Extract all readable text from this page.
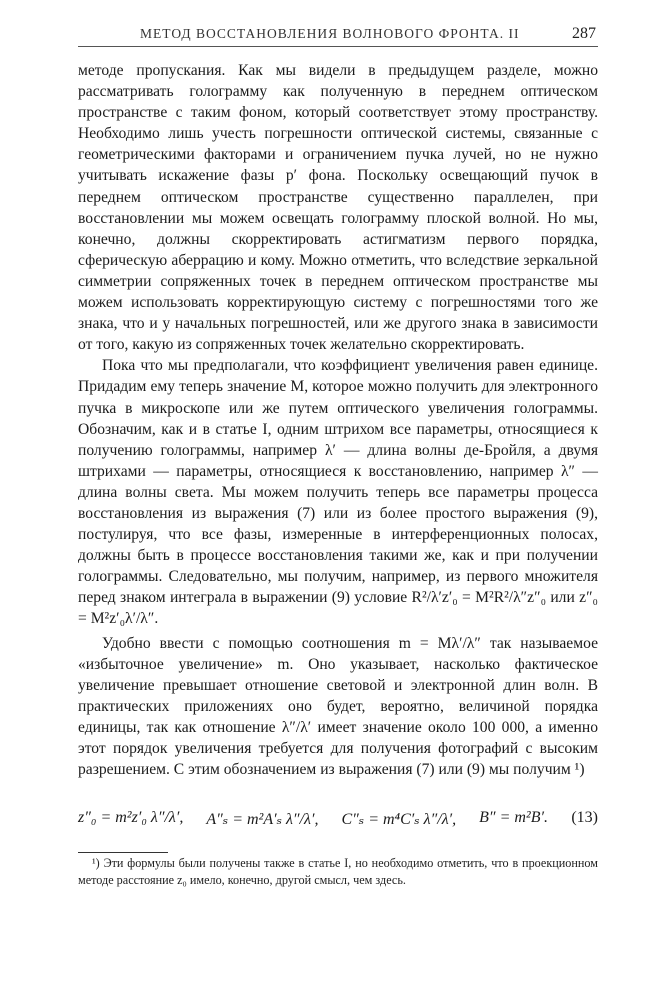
МЕТОД ВОССТАНОВЛЕНИЯ ВОЛНОВОГО ФРОНТА. II	287

методе пропускания. Как мы видели в предыдущем разделе, можно рассматривать голограмму как полученную в переднем оптическом пространстве с таким фоном, который соответствует этому пространству. Необходимо лишь учесть погрешности оптической системы, связанные с геометрическими факторами и ограничением пучка лучей, но не нужно учитывать искажение фазы p′ фона. Поскольку освещающий пучок в переднем оптическом пространстве существенно параллелен, при восстановлении мы можем освещать голограмму плоской волной. Но мы, конечно, должны скорректировать астигматизм первого порядка, сферическую аберрацию и кому. Можно отметить, что вследствие зеркальной симметрии сопряженных точек в переднем оптическом пространстве мы можем использовать корректирующую систему с погрешностями того же знака, что и у начальных погрешностей, или же другого знака в зависимости от того, какую из сопряженных точек желательно скорректировать.

Пока что мы предполагали, что коэффициент увеличения равен единице. Придадим ему теперь значение M, которое можно получить для электронного пучка в микроскопе или же путем оптического увеличения голограммы. Обозначим, как и в статье I, одним штрихом все параметры, относящиеся к получению голограммы, например λ′ — длина волны де-Бройля, а двумя штрихами — параметры, относящиеся к восстановлению, например λ″ — длина волны света. Мы можем получить теперь все параметры процесса восстановления из выражения (7) или из более простого выражения (9), постулируя, что все фазы, измеренные в интерференционных полосах, должны быть в процессе восстановления такими же, как и при получении голограммы. Следовательно, мы получим, например, из первого множителя перед знаком интеграла в выражении (9) условие R²/λ′z′₀ = M²R²/λ″z″₀ или z″₀ = M²z′₀λ′/λ″.

Удобно ввести с помощью соотношения m = Mλ′/λ″ так называемое «избыточное увеличение» m. Оно указывает, насколько фактическое увеличение превышает отношение световой и электронной длин волн. В практических приложениях оно будет, вероятно, величиной порядка единицы, так как отношение λ″/λ′ имеет значение около 100 000, а именно этот порядок увеличения требуется для получения фотографий с высоким разрешением. С этим обозначением из выражения (7) или (9) мы получим ¹)

z″₀ = m²z′₀ λ″/λ′, A″ₛ = m²A′ₛ λ″/λ′, C″ₛ = m⁴C′ₛ λ″/λ′, B″ = m²B′. (13)

¹) Эти формулы были получены также в статье I, но необходимо отметить, что в проекционном методе расстояние z₀ имело, конечно, другой смысл, чем здесь.
